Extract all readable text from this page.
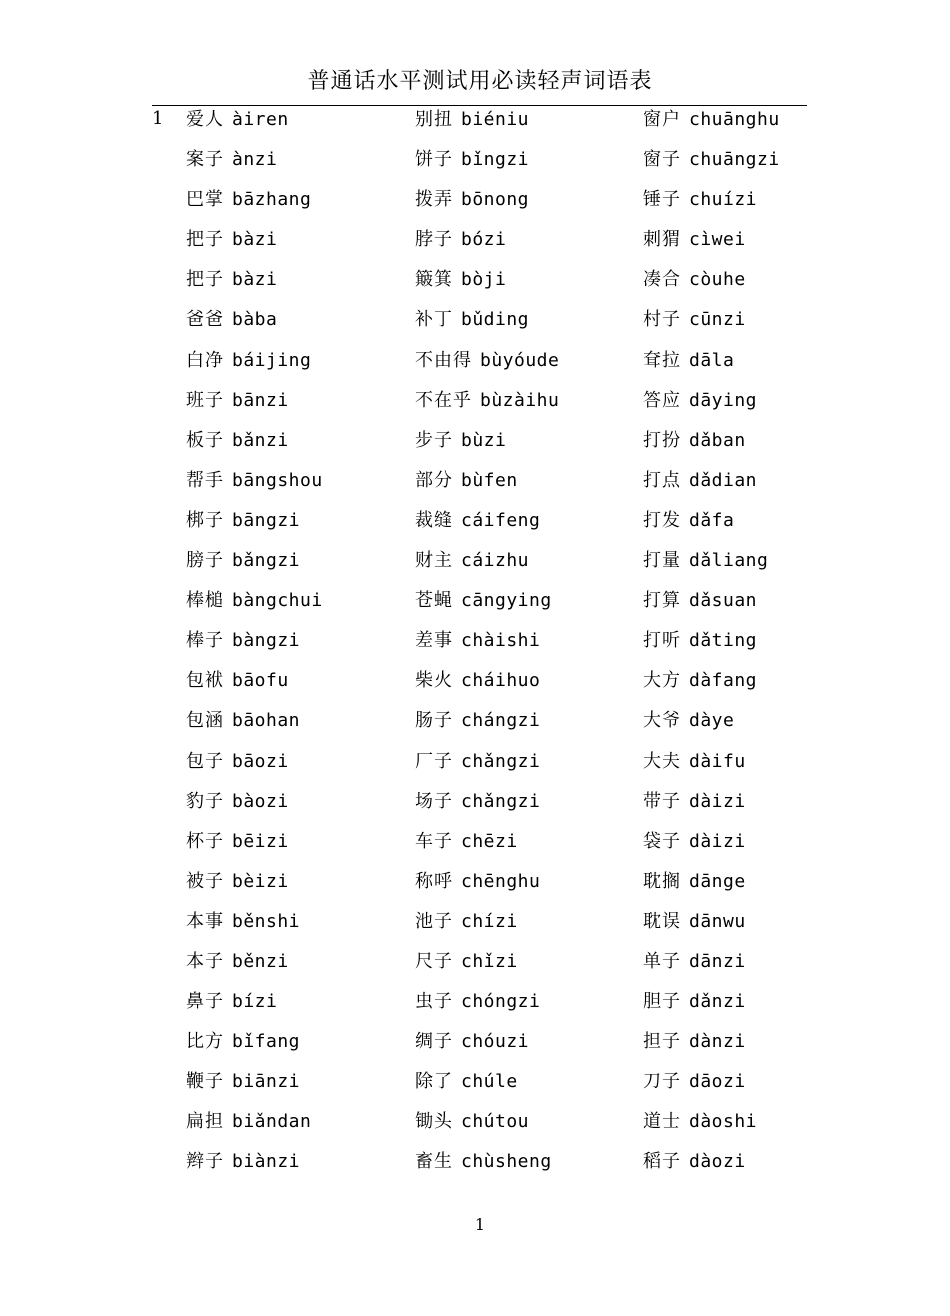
普通话水平测试用必读轻声词语表
1 爱人 àiren
案子 ànzi
巴掌 bāzhang
把子 bàzi
把子 bàzi
爸爸 bàba
白净 báijing
班子 bānzi
板子 bǎnzi
帮手 bāngshou
梆子 bāngzi
膀子 bǎngzi
棒槌 bàngchui
棒子 bàngzi
包袱 bāofu
包涵 bāohan
包子 bāozi
豹子 bàozi
杯子 bēizi
被子 bèizi
本事 běnshi
本子 běnzi
鼻子 bízi
比方 bǐfang
鞭子 biānzi
扁担 biǎndan
辫子 biànzi
别扭 biéniu
饼子 bǐngzi
拨弄 bōnong
脖子 bózi
簸箕 bòji
补丁 bǔding
不由得 bùyóude
不在乎 bùzàihu
步子 bùzi
部分 bùfen
裁缝 cáifeng
财主 cáizhu
苍蝇 cāngying
差事 chàishi
柴火 cháihuo
肠子 chángzi
厂子 chǎngzi
场子 chǎngzi
车子 chēzi
称呼 chēnghu
池子 chízi
尺子 chǐzi
虫子 chóngzi
绸子 chóuzi
除了 chúle
锄头 chútou
畜生 chùsheng
窗户 chuānghu
窗子 chuāngzi
锤子 chuízi
刺猬 cìwei
凑合 còuhe
村子 cūnzi
耷拉 dāla
答应 dāying
打扮 dǎban
打点 dǎdian
打发 dǎfa
打量 dǎliang
打算 dǎsuan
打听 dǎting
大方 dàfang
大爷 dàye
大夫 dàifu
带子 dàizi
袋子 dàizi
耽搁 dānge
耽误 dānwu
单子 dānzi
胆子 dǎnzi
担子 dànzi
刀子 dāozi
道士 dàoshi
稻子 dàozi
1
